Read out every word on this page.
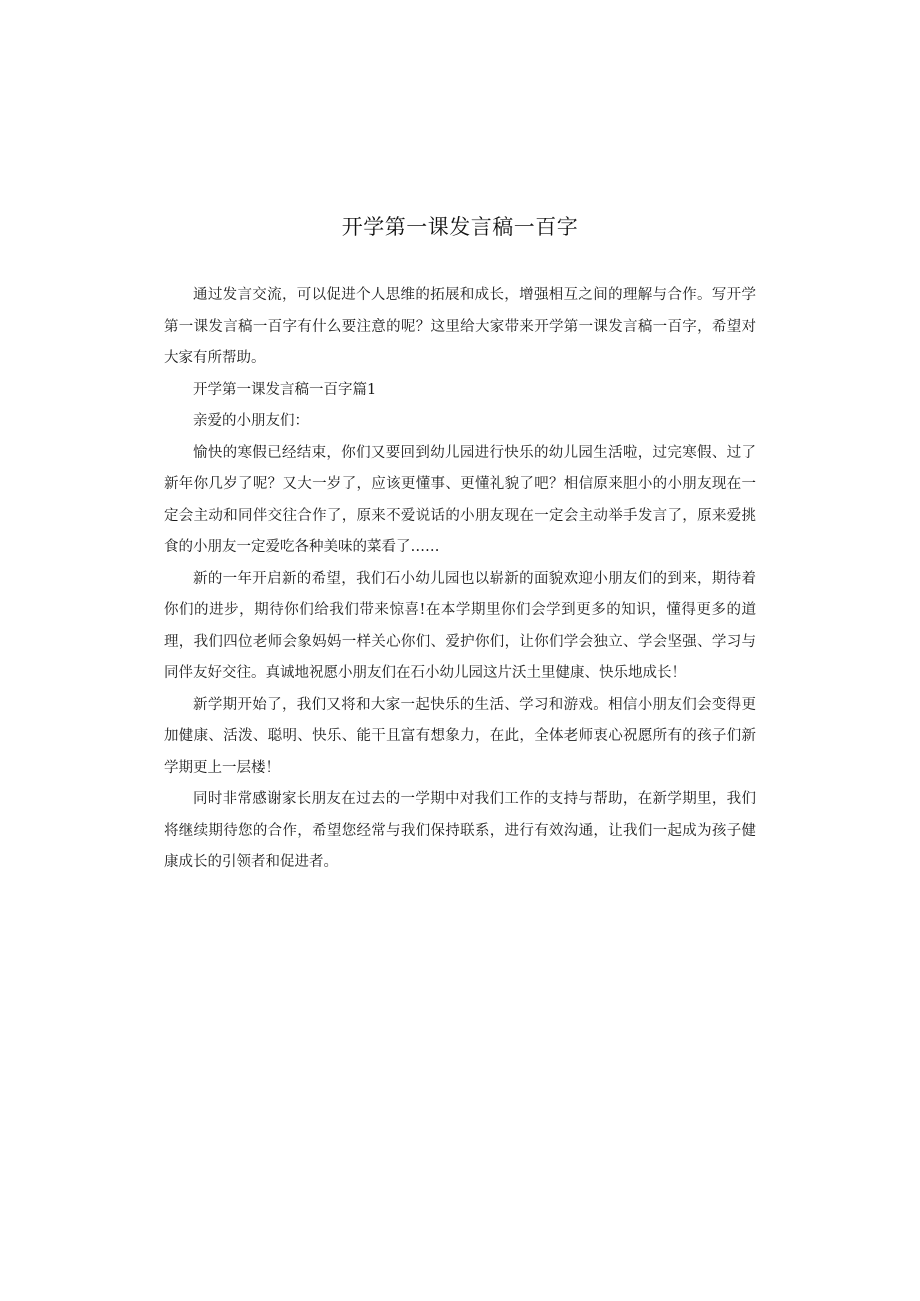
开学第一课发言稿一百字

通过发言交流，可以促进个人思维的拓展和成长，增强相互之间的理解与合作。写开学第一课发言稿一百字有什么要注意的呢？这里给大家带来开学第一课发言稿一百字，希望对大家有所帮助。

开学第一课发言稿一百字篇1

亲爱的小朋友们：

愉快的寒假已经结束，你们又要回到幼儿园进行快乐的幼儿园生活啦，过完寒假、过了新年你几岁了呢？又大一岁了，应该更懂事、更懂礼貌了吧？相信原来胆小的小朋友现在一定会主动和同伴交往合作了，原来不爱说话的小朋友现在一定会主动举手发言了，原来爱挑食的小朋友一定爱吃各种美味的菜看了……

新的一年开启新的希望，我们石小幼儿园也以崭新的面貌欢迎小朋友们的到来，期待着你们的进步，期待你们给我们带来惊喜!在本学期里你们会学到更多的知识，懂得更多的道理，我们四位老师会象妈妈一样关心你们、爱护你们，让你们学会独立、学会坚强、学习与同伴友好交往。真诚地祝愿小朋友们在石小幼儿园这片沃土里健康、快乐地成长！

新学期开始了，我们又将和大家一起快乐的生活、学习和游戏。相信小朋友们会变得更加健康、活泼、聪明、快乐、能干且富有想象力，在此，全体老师衷心祝愿所有的孩子们新学期更上一层楼！

同时非常感谢家长朋友在过去的一学期中对我们工作的支持与帮助，在新学期里，我们将继续期待您的合作，希望您经常与我们保持联系，进行有效沟通，让我们一起成为孩子健康成长的引领者和促进者。
